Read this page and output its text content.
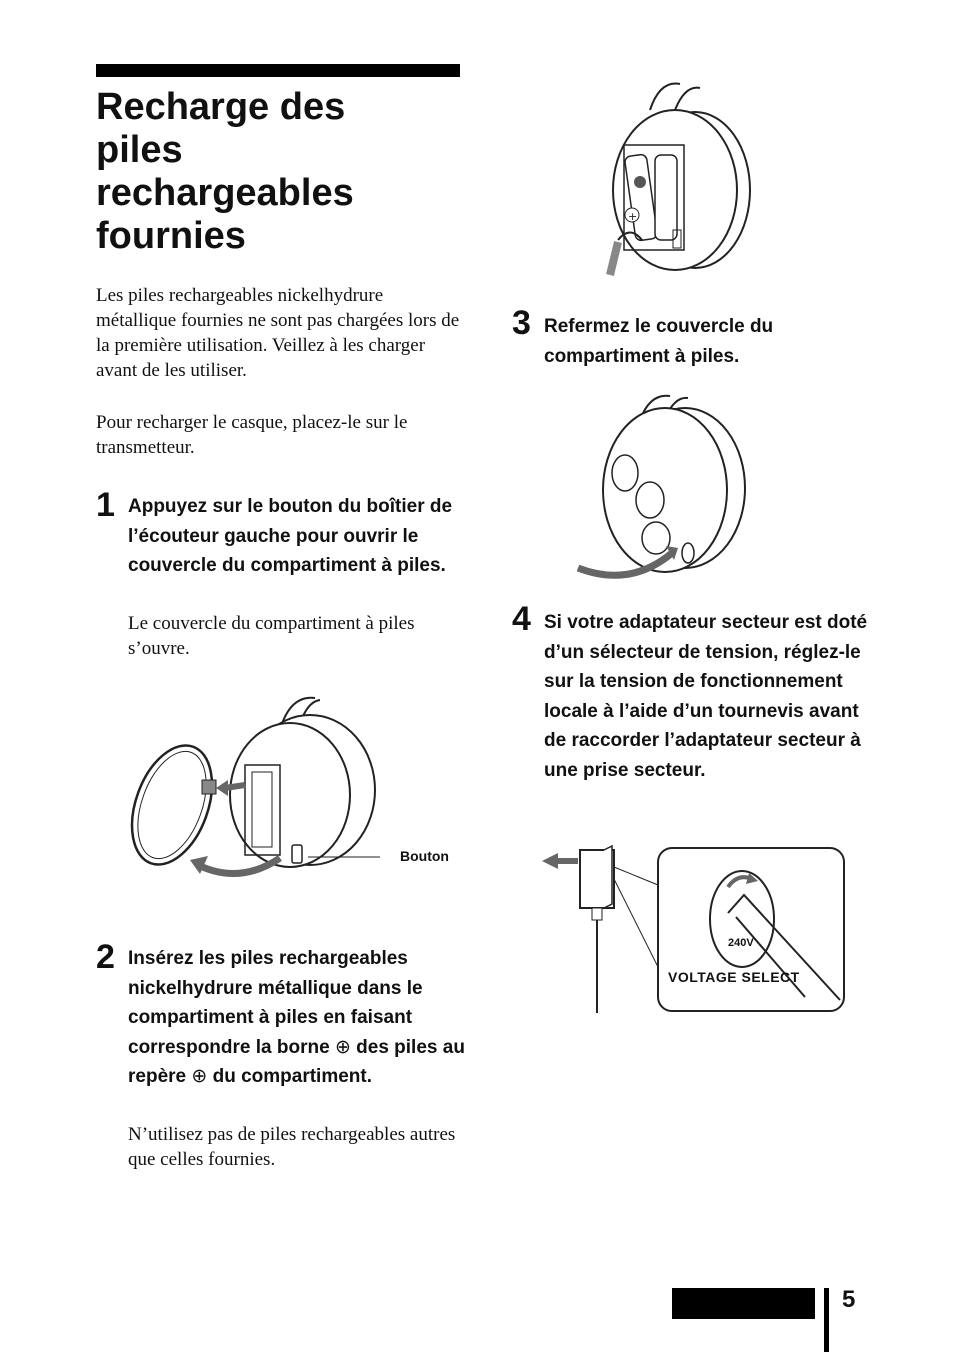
Recharge des
piles
rechargeables
fournies

Les piles rechargeables nickelhydrure métallique fournies ne sont pas chargées lors de la première utilisation. Veillez à les charger avant de les utiliser.

Pour recharger le casque, placez-le sur le transmetteur.

1 Appuyez sur le bouton du boîtier de l’écouteur gauche pour ouvrir le couvercle du compartiment à piles.

Le couvercle du compartiment à piles s’ouvre.

Bouton
2 Insérez les piles rechargeables nickelhydrure métallique dans le compartiment à piles en faisant correspondre la borne ⊕ des piles au repère ⊕ du compartiment.

N’utilisez pas de piles rechargeables autres que celles fournies.

+
3 Refermez le couvercle du compartiment à piles.

4 Si votre adaptateur secteur est doté d’un sélecteur de tension, réglez-le sur la tension de fonctionnement locale à l’aide d’un tournevis avant de raccorder l’adaptateur secteur à une prise secteur.

240V
VOLTAGE SELECT
5
